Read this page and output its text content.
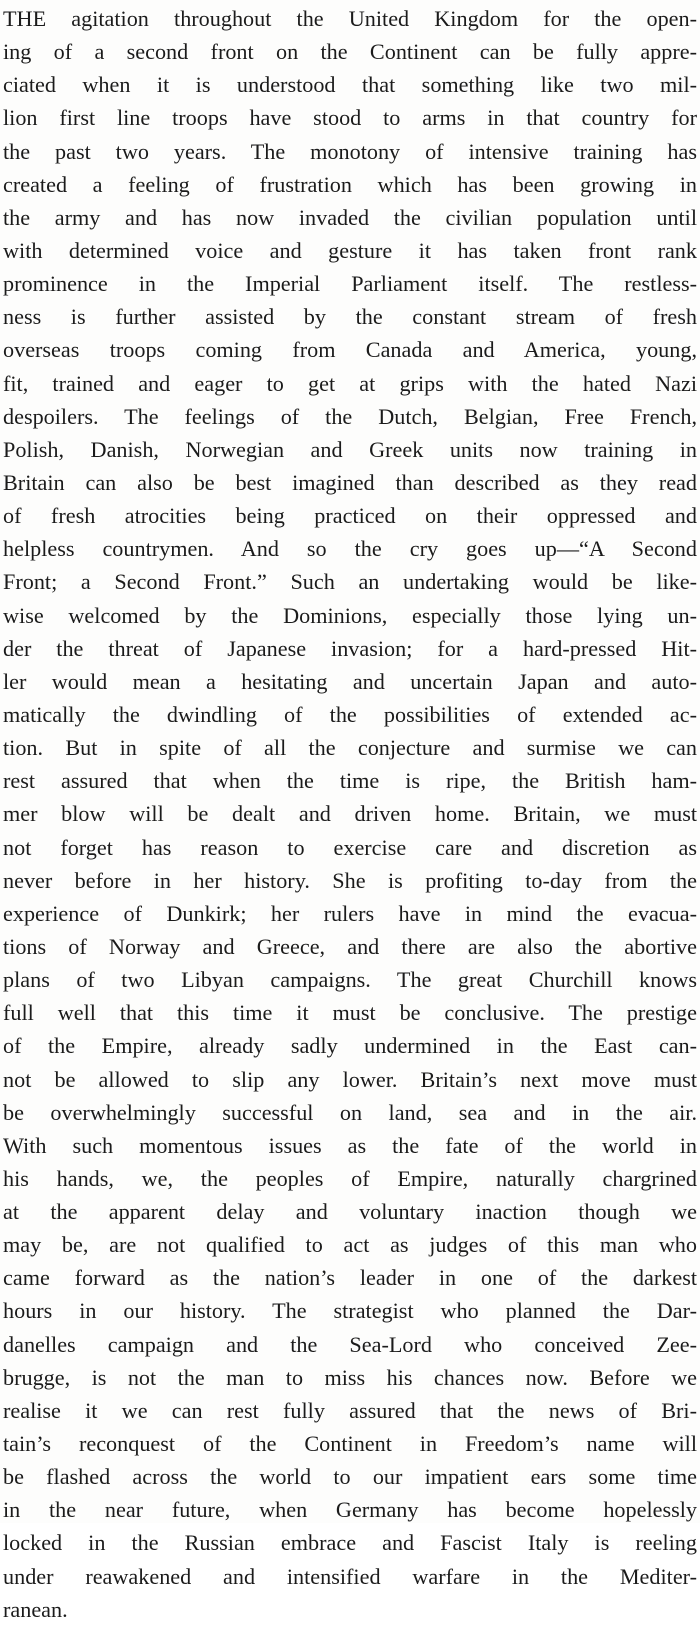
THE agitation throughout the United Kingdom for the open-
ing of a second front on the Continent can be fully appre-
ciated when it is understood that something like two mil-
lion first line troops have stood to arms in that country for
the past two years. The monotony of intensive training has
created a feeling of frustration which has been growing in
the army and has now invaded the civilian population until
with determined voice and gesture it has taken front rank
prominence in the Imperial Parliament itself. The restless-
ness is further assisted by the constant stream of fresh
overseas troops coming from Canada and America, young,
fit, trained and eager to get at grips with the hated Nazi
despoilers. The feelings of the Dutch, Belgian, Free French,
Polish, Danish, Norwegian and Greek units now training in
Britain can also be best imagined than described as they read
of fresh atrocities being practiced on their oppressed and
helpless countrymen. And so the cry goes up—“A Second
Front; a Second Front.” Such an undertaking would be like-
wise welcomed by the Dominions, especially those lying un-
der the threat of Japanese invasion; for a hard-pressed Hit-
ler would mean a hesitating and uncertain Japan and auto-
matically the dwindling of the possibilities of extended ac-
tion. But in spite of all the conjecture and surmise we can
rest assured that when the time is ripe, the British ham-
mer blow will be dealt and driven home. Britain, we must
not forget has reason to exercise care and discretion as
never before in her history. She is profiting to-day from the
experience of Dunkirk; her rulers have in mind the evacua-
tions of Norway and Greece, and there are also the abortive
plans of two Libyan campaigns. The great Churchill knows
full well that this time it must be conclusive. The prestige
of the Empire, already sadly undermined in the East can-
not be allowed to slip any lower. Britain’s next move must
be overwhelmingly successful on land, sea and in the air.
With such momentous issues as the fate of the world in
his hands, we, the peoples of Empire, naturally chargrined
at the apparent delay and voluntary inaction though we
may be, are not qualified to act as judges of this man who
came forward as the nation’s leader in one of the darkest
hours in our history. The strategist who planned the Dar-
danelles campaign and the Sea-Lord who conceived Zee-
brugge, is not the man to miss his chances now. Before we
realise it we can rest fully assured that the news of Bri-
tain’s reconquest of the Continent in Freedom’s name will
be flashed across the world to our impatient ears some time
in the near future, when Germany has become hopelessly
locked in the Russian embrace and Fascist Italy is reeling
under reawakened and intensified warfare in the Mediter-
ranean.
